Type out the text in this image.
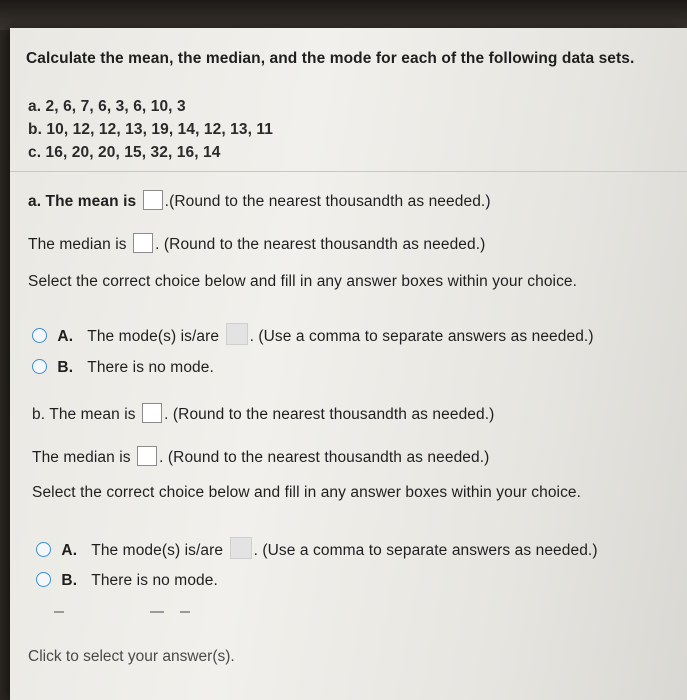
Calculate the mean, the median, and the mode for each of the following data sets.
a. 2, 6, 7, 6, 3, 6, 10, 3
b. 10, 12, 12, 13, 19, 14, 12, 13, 11
c. 16, 20, 20, 15, 32, 16, 14
a. The mean is .(Round to the nearest thousandth as needed.)
The median is . (Round to the nearest thousandth as needed.)
Select the correct choice below and fill in any answer boxes within your choice.
A. The mode(s) is/are . (Use a comma to separate answers as needed.)
B. There is no mode.
b. The mean is . (Round to the nearest thousandth as needed.)
The median is . (Round to the nearest thousandth as needed.)
Select the correct choice below and fill in any answer boxes within your choice.
A. The mode(s) is/are . (Use a comma to separate answers as needed.)
B. There is no mode.
Click to select your answer(s).
